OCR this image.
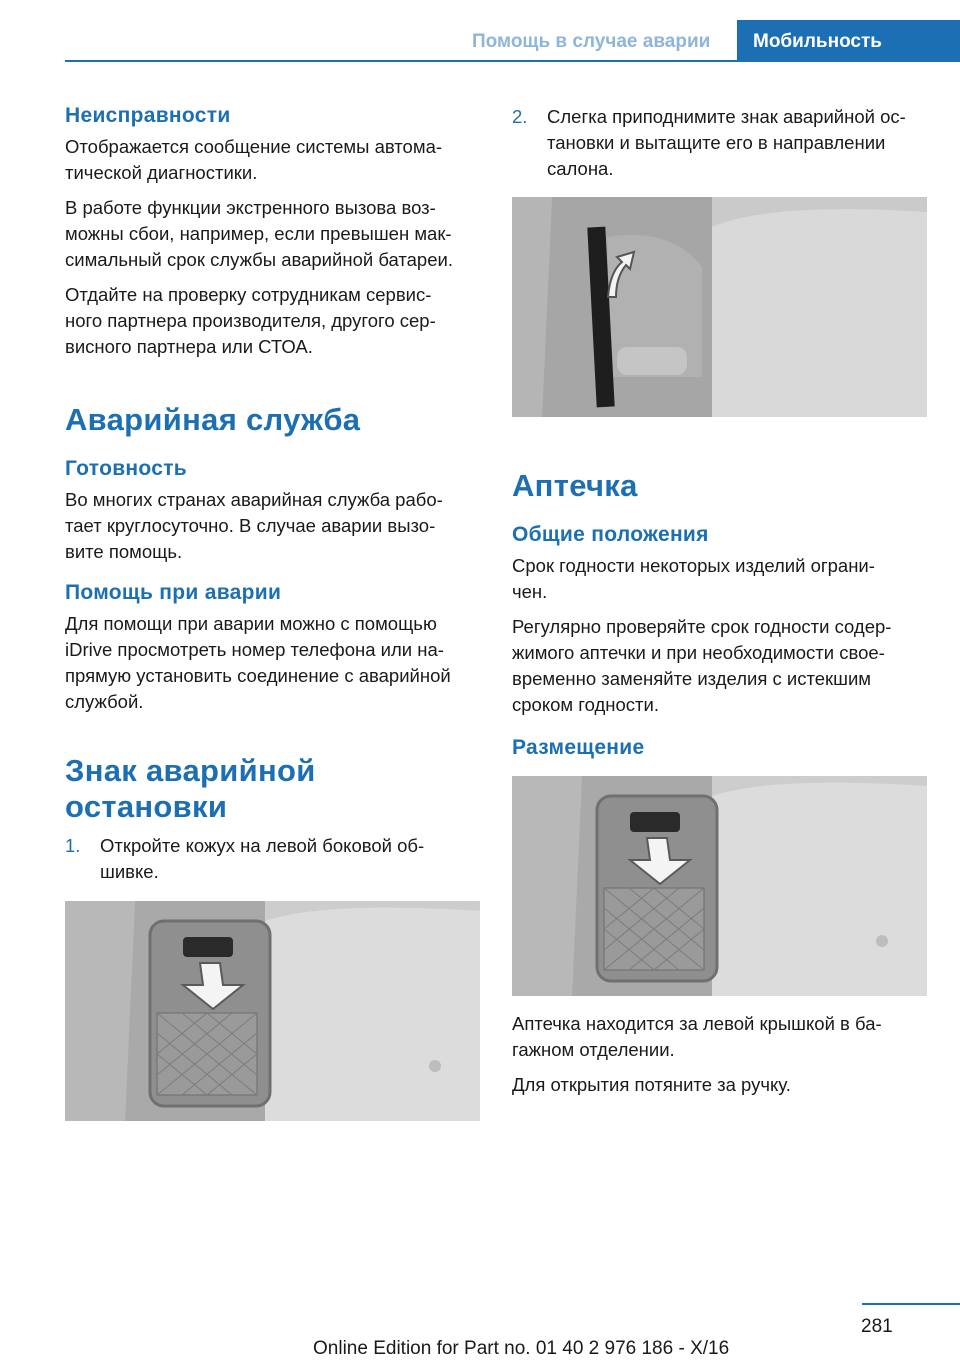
Помощь в случае аварии	Мобильность
Неисправности

Отображается сообщение системы автома-
тической диагностики.

В работе функции экстренного вызова воз-
можны сбои, например, если превышен мак-
симальный срок службы аварийной батареи.

Отдайте на проверку сотрудникам сервис-
ного партнера производителя, другого сер-
висного партнера или СТОА.

Аварийная служба
Готовность

Во многих странах аварийная служба рабо-
тает круглосуточно. В случае аварии вызо-
вите помощь.

Помощь при аварии

Для помощи при аварии можно с помощью
iDrive просмотреть номер телефона или на-
прямую установить соединение с аварийной
службой.

Знак аварийной остановки
1.	Откройте кожух на левой боковой об-
шивке.
2.	Слегка приподнимите знак аварийной ос-
тановки и вытащите его в направлении
салона.
Аптечка
Общие положения

Срок годности некоторых изделий ограни-
чен.

Регулярно проверяйте срок годности содер-
жимого аптечки и при необходимости свое-
временно заменяйте изделия с истекшим
сроком годности.

Размещение

Аптечка находится за левой крышкой в ба-
гажном отделении.

Для открытия потяните за ручку.

281
Online Edition for Part no. 01 40 2 976 186 - X/16
